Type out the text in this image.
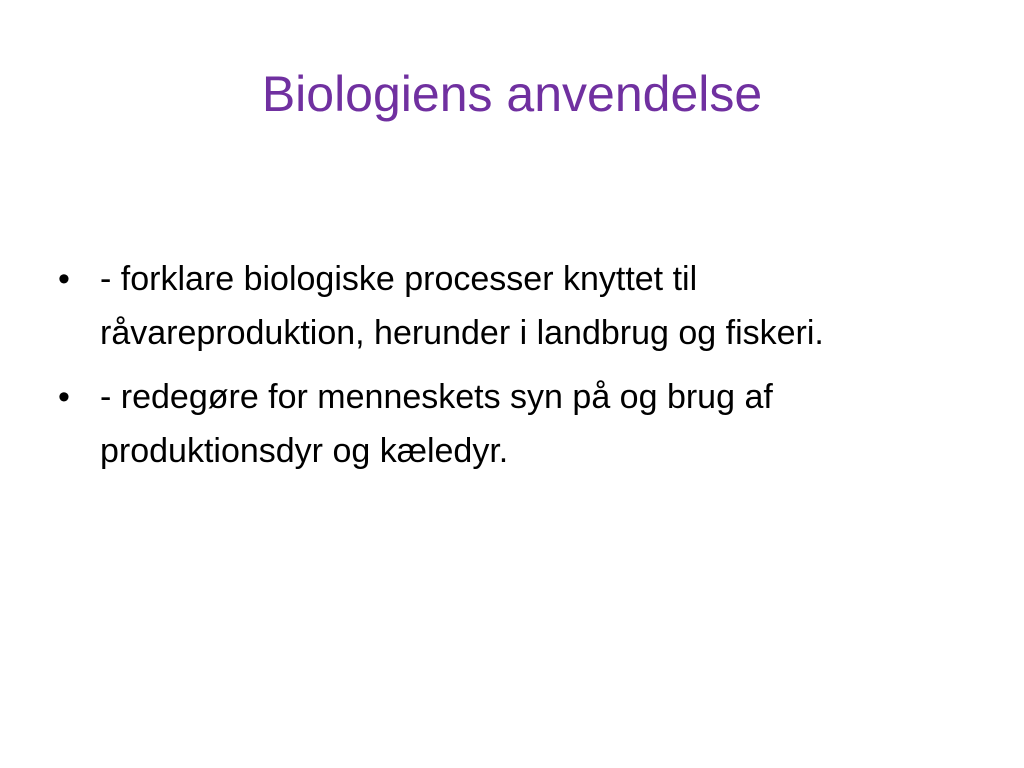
Biologiens anvendelse
• - forklare biologiske processer knyttet til råvareproduktion, herunder i landbrug og fiskeri.
• - redegøre for menneskets syn på og brug af produktionsdyr og kæledyr.
